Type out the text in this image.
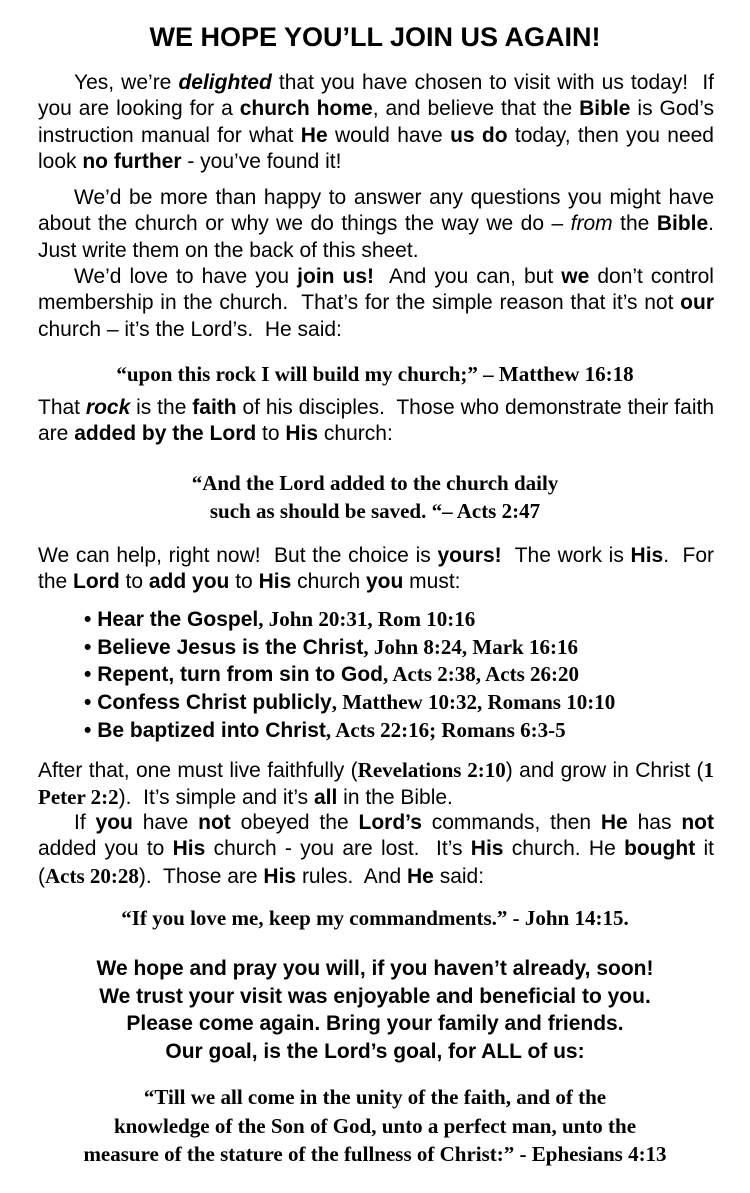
WE HOPE YOU’LL JOIN US AGAIN!
Yes, we’re delighted that you have chosen to visit with us today!  If you are looking for a church home, and believe that the Bible is God’s instruction manual for what He would have us do today, then you need look no further - you’ve found it!
We’d be more than happy to answer any questions you might have about the church or why we do things the way we do – from the Bible.  Just write them on the back of this sheet.
We’d love to have you join us!  And you can, but we don’t control membership in the church.  That’s for the simple reason that it’s not our church – it’s the Lord’s.  He said:
“upon this rock I will build my church;” – Matthew 16:18
That rock is the faith of his disciples.  Those who demonstrate their faith are added by the Lord to His church:
“And the Lord added to the church daily
such as should be saved. “– Acts 2:47
We can help, right now!  But the choice is yours!  The work is His.  For the Lord to add you to His church you must:
• Hear the Gospel, John 20:31, Rom 10:16
• Believe Jesus is the Christ, John 8:24, Mark 16:16
• Repent, turn from sin to God, Acts 2:38, Acts 26:20
• Confess Christ publicly, Matthew 10:32, Romans 10:10
• Be baptized into Christ, Acts 22:16; Romans 6:3-5
After that, one must live faithfully (Revelations 2:10) and grow in Christ (1 Peter 2:2).  It’s simple and it’s all in the Bible.
If you have not obeyed the Lord’s commands, then He has not added you to His church - you are lost.  It’s His church. He bought it (Acts 20:28).  Those are His rules.  And He said:
“If you love me, keep my commandments.” - John 14:15.
We hope and pray you will, if you haven’t already, soon!
We trust your visit was enjoyable and beneficial to you.
Please come again. Bring your family and friends.
Our goal, is the Lord’s goal, for ALL of us:
“Till we all come in the unity of the faith, and of the
knowledge of the Son of God, unto a perfect man, unto the
measure of the stature of the fullness of Christ:” - Ephesians 4:13
